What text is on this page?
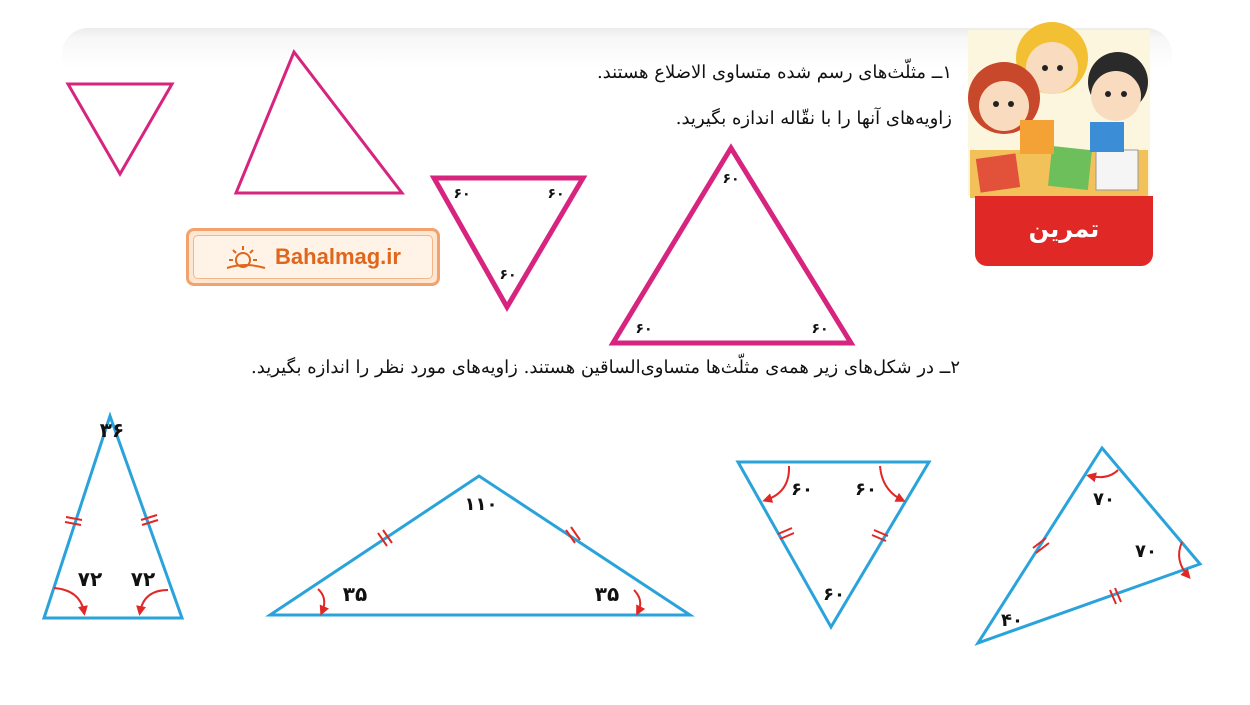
۱ــ مثلّث‌های رسم شده متساوی الاضلاع هستند.
زاویه‌های آنها را با نقّاله اندازه بگیرید.
۲ــ در شکل‌های زیر همه‌ی مثلّث‌ها متساوی‌الساقین هستند. زاویه‌های مورد نظر را اندازه بگیرید.
۶۰	۶۰
۶۰
۶۰
۶۰	۶۰
۳۶
۷۲ ۷۲
۱۱۰
۳۵	۳۵
۶۰ ۶۰
۶۰
۷۰
۷۰
۴۰
تمرین
Bahalmag.ir
